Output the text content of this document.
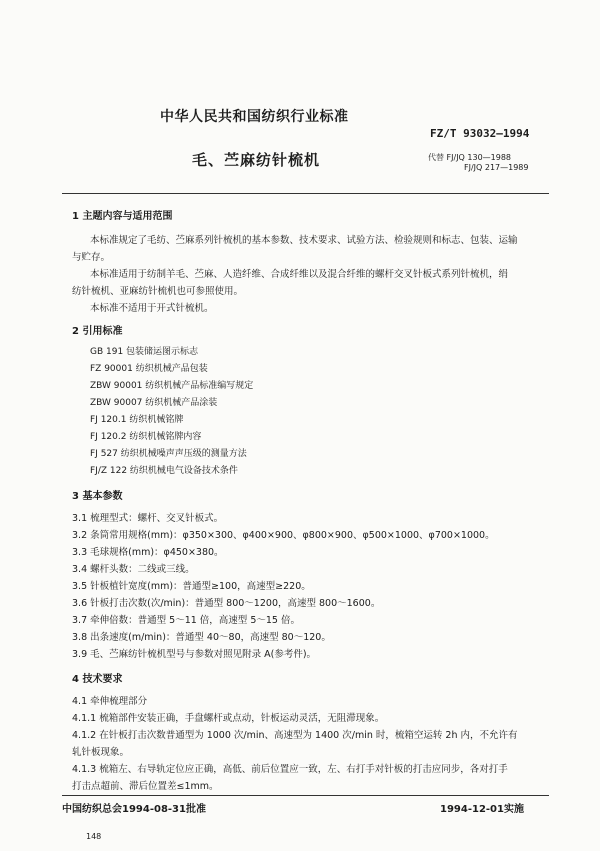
中华人民共和国纺织行业标准
FZ/T 93032—1994
毛、苎麻纺针梳机	代替 FJ/JQ 130—1988
FJ/JQ 217—1989
1 主题内容与适用范围
本标准规定了毛纺、苎麻系列针梳机的基本参数、技术要求、试验方法、检验规则和标志、包装、运输
与贮存。
本标准适用于纺制羊毛、苎麻、人造纤维、合成纤维以及混合纤维的螺杆交叉针板式系列针梳机，绢
纺针梳机、亚麻纺针梳机也可参照使用。
本标准不适用于开式针梳机。
2 引用标准
GB 191 包装储运图示标志
FZ 90001 纺织机械产品包装
ZBW 90001 纺织机械产品标准编写规定
ZBW 90007 纺织机械产品涂装
FJ 120.1 纺织机械铭牌
FJ 120.2 纺织机械铭牌内容
FJ 527 纺织机械噪声声压级的测量方法
FJ/Z 122 纺织机械电气设备技术条件
3 基本参数
3.1 梳理型式：螺杆、交叉针板式。
3.2 条筒常用规格(mm)：φ350×300、φ400×900、φ800×900、φ500×1000、φ700×1000。
3.3 毛球规格(mm)：φ450×380。
3.4 螺杆头数：二线或三线。
3.5 针板植针宽度(mm)：普通型≥100，高速型≥220。
3.6 针板打击次数(次/min)：普通型 800～1200，高速型 800～1600。
3.7 牵伸倍数：普通型 5～11 倍，高速型 5～15 倍。
3.8 出条速度(m/min)：普通型 40～80，高速型 80～120。
3.9 毛、苎麻纺针梳机型号与参数对照见附录 A(参考件)。
4 技术要求
4.1 牵伸梳理部分
4.1.1 梳箱部件安装正确，手盘螺杆或点动，针板运动灵活，无阻滞现象。
4.1.2 在针板打击次数普通型为 1000 次/min、高速型为 1400 次/min 时，梳箱空运转 2h 内，不允许有
轧针板现象。
4.1.3 梳箱左、右导轨定位应正确，高低、前后位置应一致，左、右打手对针板的打击应同步，各对打手
打击点超前、滞后位置差≤1mm。
中国纺织总会1994-08-31批准	1994-12-01实施
148
